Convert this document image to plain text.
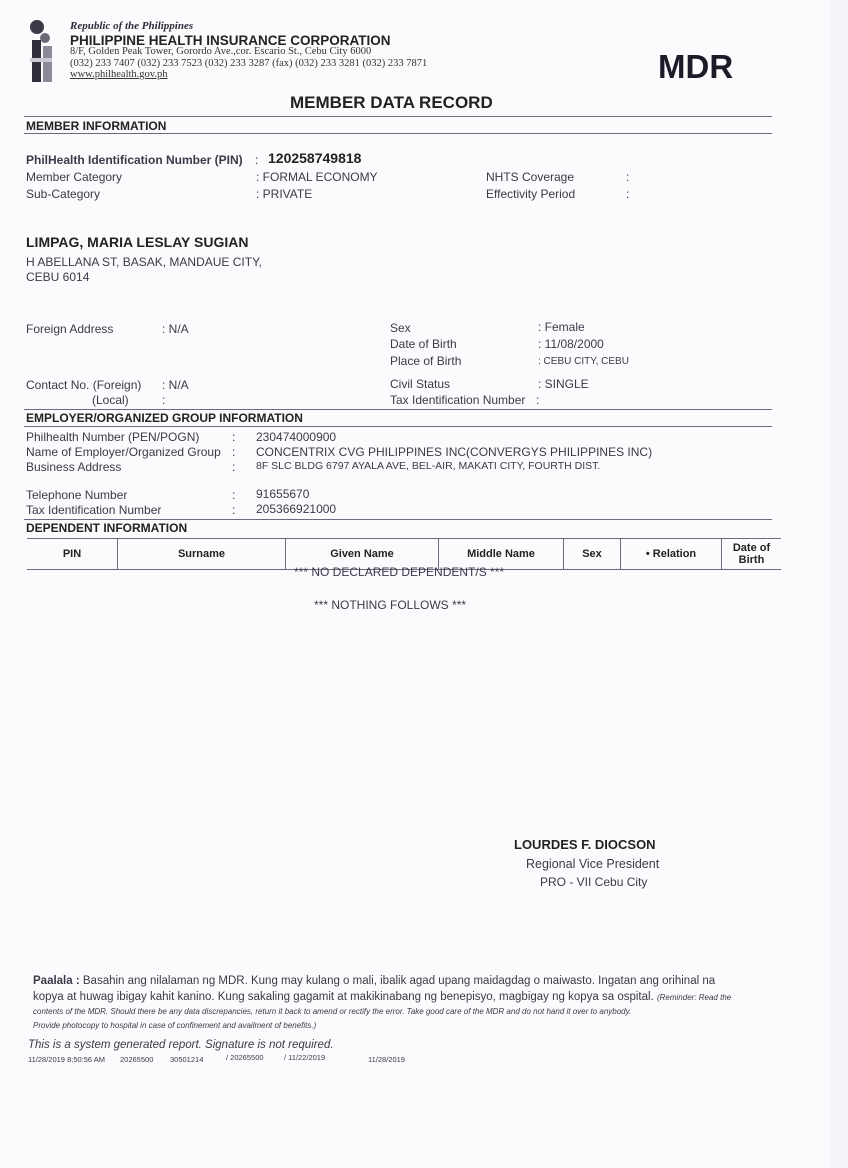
Republic of the Philippines
PHILIPPINE HEALTH INSURANCE CORPORATION
8/F, Golden Peak Tower, Gorordo Ave.,cor. Escario St., Cebu City 6000
(032) 233 7407 (032) 233 7523 (032) 233 3287 (fax) (032) 233 3281 (032) 233 7871
www.philhealth.gov.ph	MDR
MEMBER DATA RECORD
MEMBER INFORMATION
PhilHealth Identification Number (PIN) : 120258749818
Member Category	: FORMAL ECONOMY
Sub-Category	: PRIVATE
NHTS Coverage	:
Effectivity Period	:
LIMPAG, MARIA LESLAY SUGIAN
H ABELLANA ST, BASAK, MANDAUE CITY,
CEBU 6014
Foreign Address	: N/A	Sex	: Female
Date of Birth	: 11/08/2000
Place of Birth	: CEBU CITY, CEBU
Contact No. (Foreign) : N/A
(Local)	:
Civil Status	: SINGLE
Tax Identification Number :
EMPLOYER/ORGANIZED GROUP INFORMATION
Philhealth Number (PEN/POGN)	: 230474000900
Name of Employer/Organized Group : CONCENTRIX CVG PHILIPPINES INC(CONVERGYS PHILIPPINES INC)
Business Address	: 8F SLC BLDG 6797 AYALA AVE, BEL-AIR, MAKATI CITY, FOURTH DIST.
Telephone Number	: 91655670
Tax Identification Number	: 205366921000
DEPENDENT INFORMATION
PIN	Surname	Given Name	Middle Name	Sex	• Relation	Date of Birth
*** NO DECLARED DEPENDENT/S ***
*** NOTHING FOLLOWS ***
LOURDES F. DIOCSON
Regional Vice President
PRO - VII Cebu City
Paalala : Basahin ang nilalaman ng MDR. Kung may kulang o mali, ibalik agad upang maidagdag o maiwasto. Ingatan ang orihinal na
kopya at huwag ibigay kahit kanino. Kung sakaling gagamit at makikinabang ng benepisyo, magbigay ng kopya sa ospital. (Reminder: Read the
contents of the MDR. Should there be any data discrepancies, return it back to amend or rectify the error. Take good care of the MDR and do not hand it over to anybody.
Provide photocopy to hospital in case of confinement and availment of benefits.)
This is a system generated report. Signature is not required.
11/28/2019 8:50:56 AM 20265500 30501214	/ 20265500	/ 11/22/2019	11/28/2019
